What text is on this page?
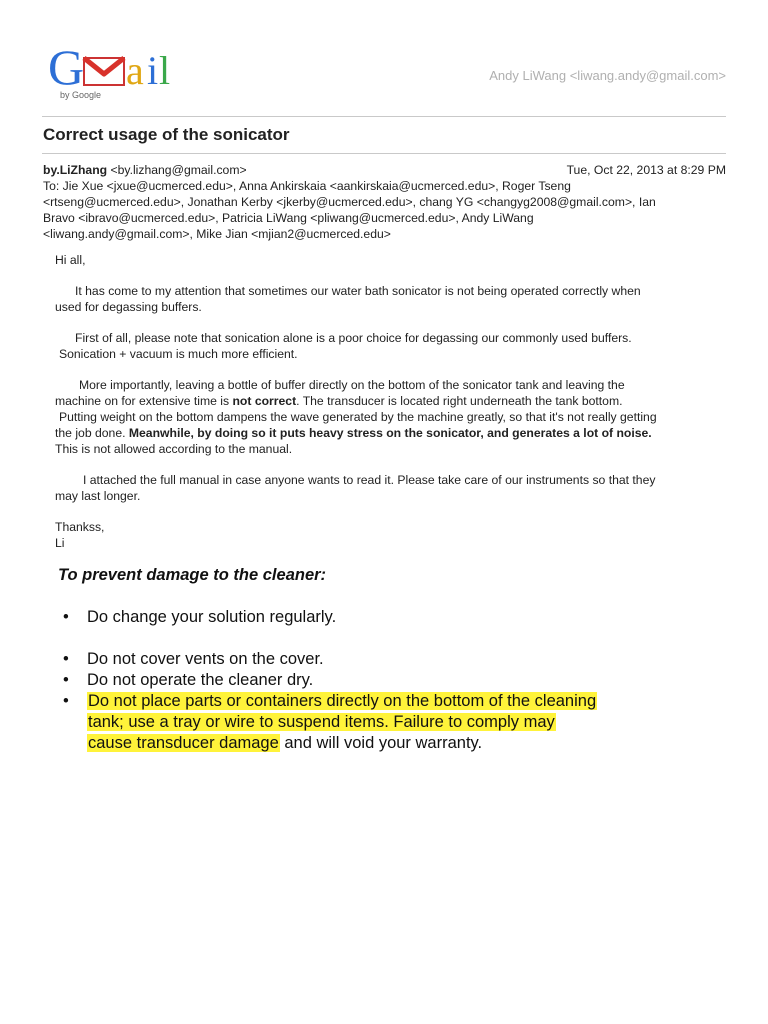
G a i l
by Google
Andy LiWang <liwang.andy@gmail.com>
Correct usage of the sonicator
by.LiZhang <by.lizhang@gmail.com>	Tue, Oct 22, 2013 at 8:29 PM
To: Jie Xue <jxue@ucmerced.edu>, Anna Ankirskaia <aankirskaia@ucmerced.edu>, Roger Tseng
<rtseng@ucmerced.edu>, Jonathan Kerby <jkerby@ucmerced.edu>, chang YG <changyg2008@gmail.com>, Ian
Bravo <ibravo@ucmerced.edu>, Patricia LiWang <pliwang@ucmerced.edu>, Andy LiWang
<liwang.andy@gmail.com>, Mike Jian <mjian2@ucmerced.edu>

Hi all,

It has come to my attention that sometimes our water bath sonicator is not being operated correctly when
used for degassing buffers.

First of all, please note that sonication alone is a poor choice for degassing our commonly used buffers.
Sonication + vacuum is much more efficient.

More importantly, leaving a bottle of buffer directly on the bottom of the sonicator tank and leaving the
machine on for extensive time is not correct. The transducer is located right underneath the tank bottom.
Putting weight on the bottom dampens the wave generated by the machine greatly, so that it's not really getting
the job done. Meanwhile, by doing so it puts heavy stress on the sonicator, and generates a lot of noise.
This is not allowed according to the manual.

I attached the full manual in case anyone wants to read it. Please take care of our instruments so that they
may last longer.

Thankss,
Li

To prevent damage to the cleaner:
• Do change your solution regularly.
• Do not cover vents on the cover.
• Do not operate the cleaner dry.
• Do not place parts or containers directly on the bottom of the cleaning
tank; use a tray or wire to suspend items. Failure to comply may
cause transducer damage and will void your warranty.
